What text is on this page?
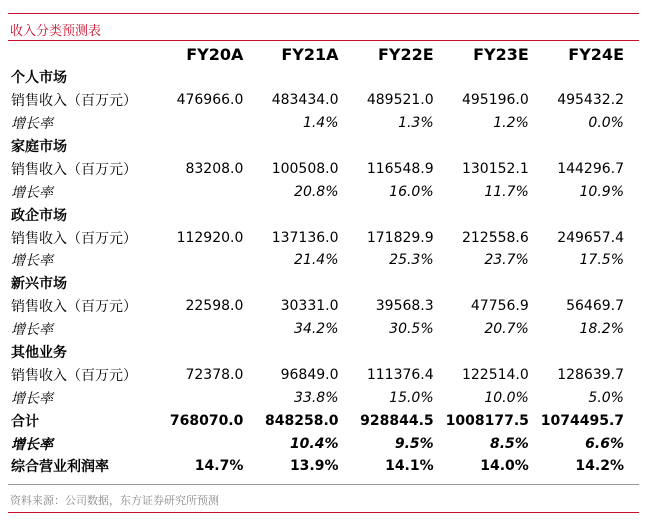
收入分类预测表
	FY20A	FY21A	FY22E	FY23E	FY24E
个人市场					
销售收入（百万元）	476966.0	483434.0	489521.0	495196.0	495432.2
增长率		1.4%	1.3%	1.2%	0.0%
家庭市场					
销售收入（百万元）	83208.0	100508.0	116548.9	130152.1	144296.7
增长率		20.8%	16.0%	11.7%	10.9%
政企市场					
销售收入（百万元）	112920.0	137136.0	171829.9	212558.6	249657.4
增长率		21.4%	25.3%	23.7%	17.5%
新兴市场					
销售收入（百万元）	22598.0	30331.0	39568.3	47756.9	56469.7
增长率		34.2%	30.5%	20.7%	18.2%
其他业务					
销售收入（百万元）	72378.0	96849.0	111376.4	122514.0	128639.7
增长率		33.8%	15.0%	10.0%	5.0%
合计	768070.0	848258.0	928844.5	1008177.5	1074495.7
增长率		10.4%	9.5%	8.5%	6.6%
综合营业利润率	14.7%	13.9%	14.1%	14.0%	14.2%
资料来源：公司数据，东方证券研究所预测
